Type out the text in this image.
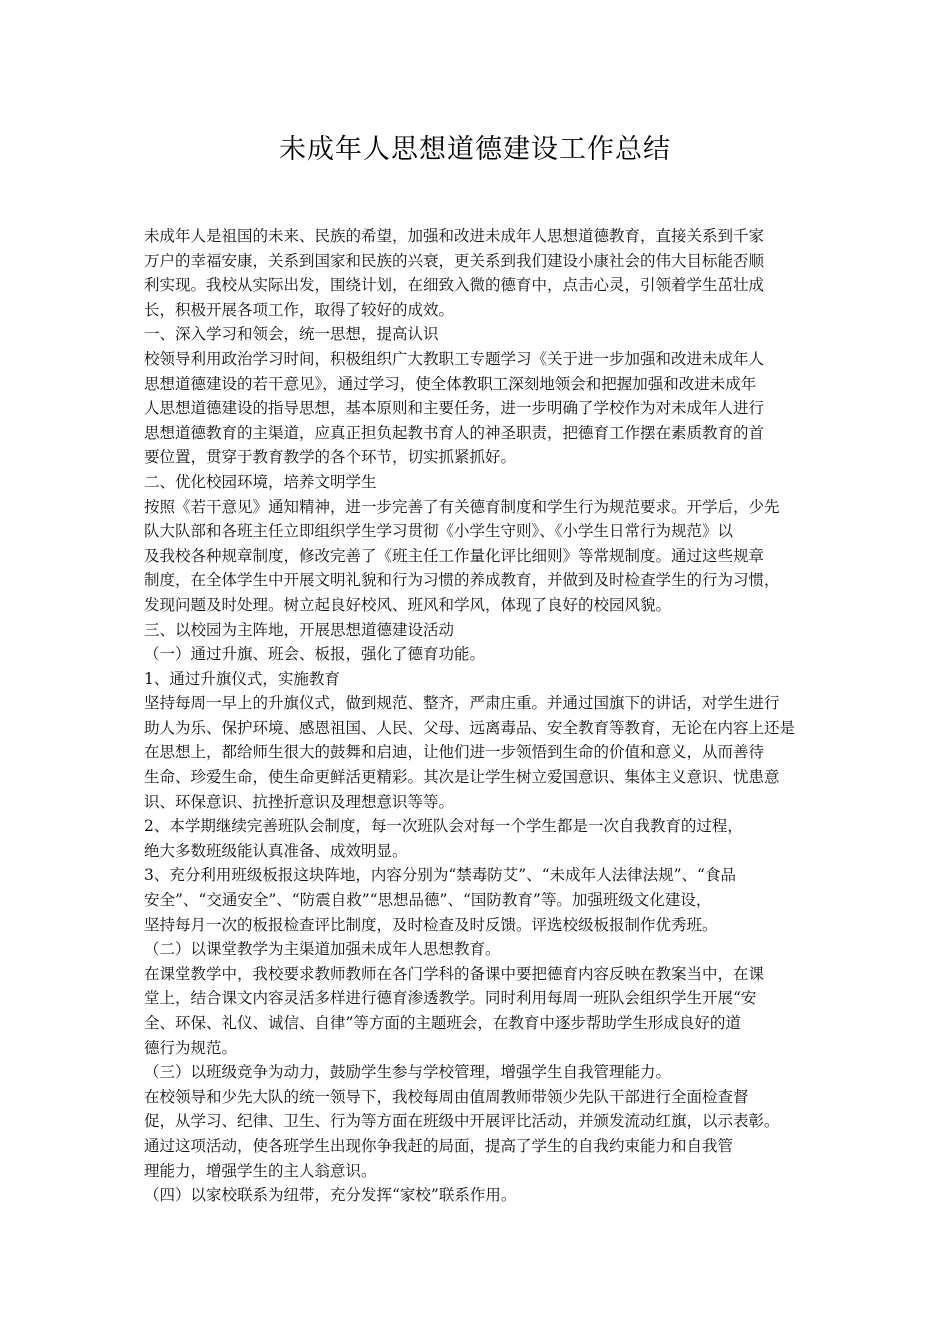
未成年人思想道德建设工作总结
未成年人是祖国的未来、民族的希望，加强和改进未成年人思想道德教育，直接关系到千家
万户的幸福安康，关系到国家和民族的兴衰，更关系到我们建设小康社会的伟大目标能否顺
利实现。我校从实际出发，围绕计划，在细致入微的德育中，点击心灵，引领着学生茁壮成
长，积极开展各项工作，取得了较好的成效。
一、深入学习和领会，统一思想，提高认识
校领导利用政治学习时间，积极组织广大教职工专题学习《关于进一步加强和改进未成年人
思想道德建设的若干意见》，通过学习，使全体教职工深刻地领会和把握加强和改进未成年
人思想道德建设的指导思想，基本原则和主要任务，进一步明确了学校作为对未成年人进行
思想道德教育的主渠道，应真正担负起教书育人的神圣职责，把德育工作摆在素质教育的首
要位置，贯穿于教育教学的各个环节，切实抓紧抓好。
二、优化校园环境，培养文明学生
按照《若干意见》通知精神，进一步完善了有关德育制度和学生行为规范要求。开学后，少先
队大队部和各班主任立即组织学生学习贯彻《小学生守则》、《小学生日常行为规范》以
及我校各种规章制度，修改完善了《班主任工作量化评比细则》等常规制度。通过这些规章
制度，在全体学生中开展文明礼貌和行为习惯的养成教育，并做到及时检查学生的行为习惯，
发现问题及时处理。树立起良好校风、班风和学风，体现了良好的校园风貌。
三、以校园为主阵地，开展思想道德建设活动
（一）通过升旗、班会、板报，强化了德育功能。
1、通过升旗仪式，实施教育
坚持每周一早上的升旗仪式，做到规范、整齐，严肃庄重。并通过国旗下的讲话，对学生进行
助人为乐、保护环境、感恩祖国、人民、父母、远离毒品、安全教育等教育，无论在内容上还是
在思想上，都给师生很大的鼓舞和启迪，让他们进一步领悟到生命的价值和意义，从而善待
生命、珍爱生命，使生命更鲜活更精彩。其次是让学生树立爱国意识、集体主义意识、忧患意
识、环保意识、抗挫折意识及理想意识等等。
2、本学期继续完善班队会制度，每一次班队会对每一个学生都是一次自我教育的过程，
绝大多数班级能认真准备、成效明显。
3、充分利用班级板报这块阵地，内容分别为“禁毒防艾”、“未成年人法律法规”、“食品
安全”、“交通安全”、“防震自救”“思想品德”、“国防教育”等。加强班级文化建设，
坚持每月一次的板报检查评比制度，及时检查及时反馈。评选校级板报制作优秀班。
（二）以课堂教学为主渠道加强未成年人思想教育。
在课堂教学中，我校要求教师教师在各门学科的备课中要把德育内容反映在教案当中，在课
堂上，结合课文内容灵活多样进行德育渗透教学。同时利用每周一班队会组织学生开展“安
全、环保、礼仪、诚信、自律”等方面的主题班会，在教育中逐步帮助学生形成良好的道
德行为规范。
（三）以班级竞争为动力，鼓励学生参与学校管理，增强学生自我管理能力。
在校领导和少先大队的统一领导下，我校每周由值周教师带领少先队干部进行全面检查督
促，从学习、纪律、卫生、行为等方面在班级中开展评比活动，并颁发流动红旗，以示表彰。
通过这项活动，使各班学生出现你争我赶的局面，提高了学生的自我约束能力和自我管
理能力，增强学生的主人翁意识。
（四）以家校联系为纽带，充分发挥“家校”联系作用。
